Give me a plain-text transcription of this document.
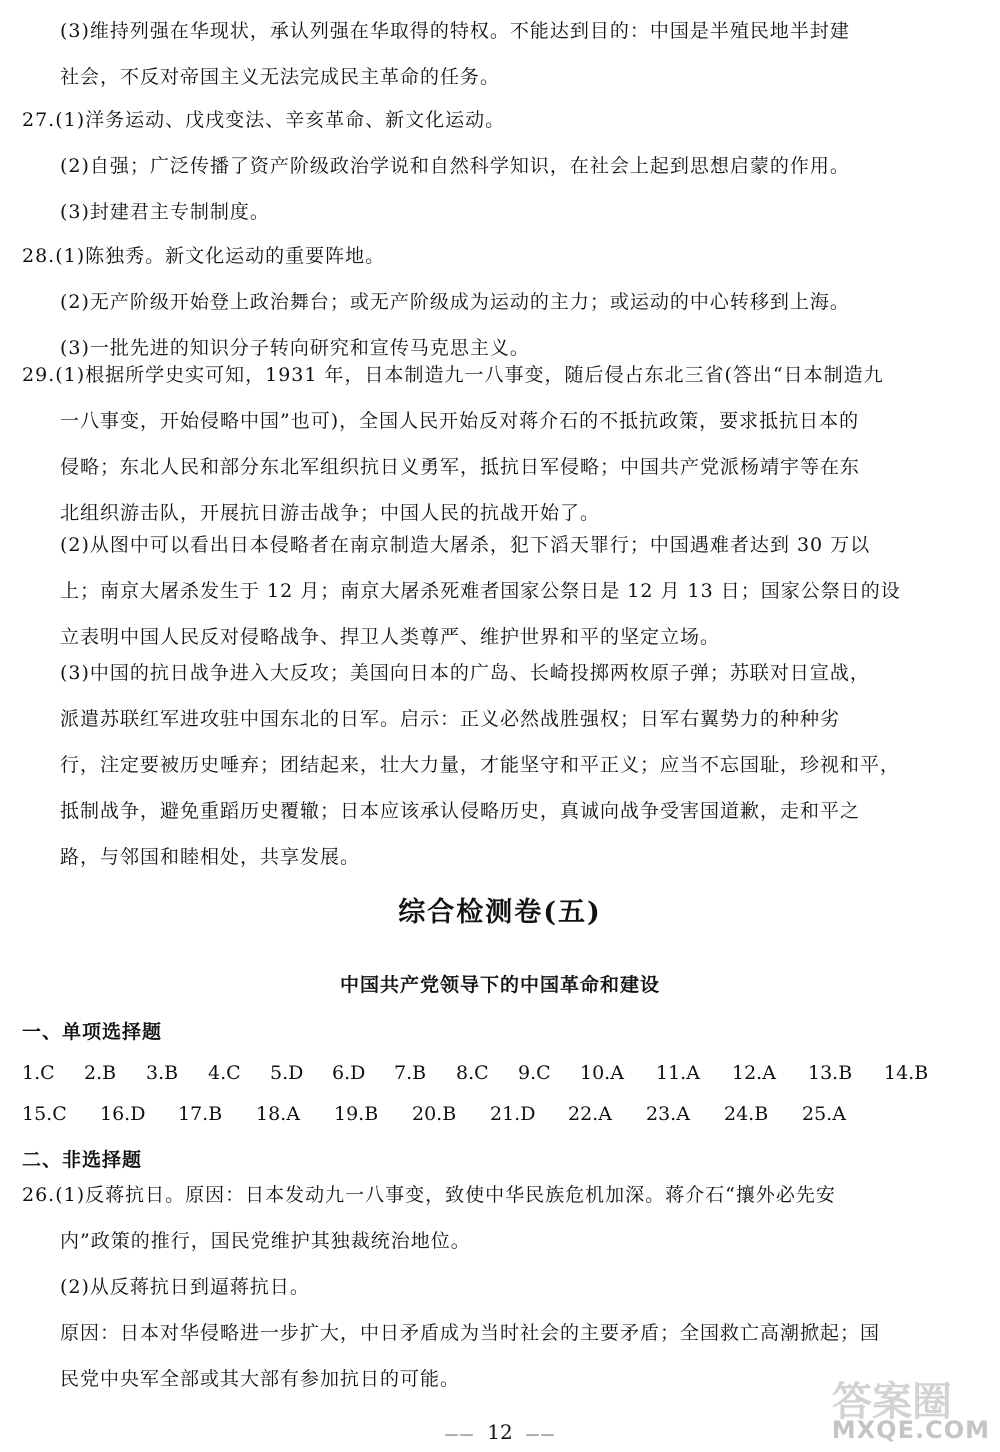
(3)维持列强在华现状，承认列强在华取得的特权。不能达到目的：中国是半殖民地半封建
社会，不反对帝国主义无法完成民主革命的任务。
27.(1)洋务运动、戊戌变法、辛亥革命、新文化运动。
(2)自强；广泛传播了资产阶级政治学说和自然科学知识，在社会上起到思想启蒙的作用。
(3)封建君主专制制度。
28.(1)陈独秀。新文化运动的重要阵地。
(2)无产阶级开始登上政治舞台；或无产阶级成为运动的主力；或运动的中心转移到上海。
(3)一批先进的知识分子转向研究和宣传马克思主义。
29.(1)根据所学史实可知，1931 年，日本制造九一八事变，随后侵占东北三省(答出“日本制造九
一八事变，开始侵略中国”也可)，全国人民开始反对蒋介石的不抵抗政策，要求抵抗日本的
侵略；东北人民和部分东北军组织抗日义勇军，抵抗日军侵略；中国共产党派杨靖宇等在东
北组织游击队，开展抗日游击战争；中国人民的抗战开始了。
(2)从图中可以看出日本侵略者在南京制造大屠杀，犯下滔天罪行；中国遇难者达到 30 万以
上；南京大屠杀发生于 12 月；南京大屠杀死难者国家公祭日是 12 月 13 日；国家公祭日的设
立表明中国人民反对侵略战争、捍卫人类尊严、维护世界和平的坚定立场。
(3)中国的抗日战争进入大反攻；美国向日本的广岛、长崎投掷两枚原子弹；苏联对日宣战，
派遣苏联红军进攻驻中国东北的日军。启示：正义必然战胜强权；日军右翼势力的种种劣
行，注定要被历史唾弃；团结起来，壮大力量，才能坚守和平正义；应当不忘国耻，珍视和平，
抵制战争，避免重蹈历史覆辙；日本应该承认侵略历史，真诚向战争受害国道歉，走和平之
路，与邻国和睦相处，共享发展。
综合检测卷(五)
中国共产党领导下的中国革命和建设
一、单项选择题
1.C 2.B 3.B 4.C 5.D 6.D 7.B 8.C 9.C 10.A 11.A 12.A 13.B 14.B
15.C 16.D 17.B 18.A 19.B 20.B 21.D 22.A 23.A 24.B 25.A
二、非选择题
26.(1)反蒋抗日。原因：日本发动九一八事变，致使中华民族危机加深。蒋介石“攘外必先安
内”政策的推行，国民党维护其独裁统治地位。
(2)从反蒋抗日到逼蒋抗日。
原因：日本对华侵略进一步扩大，中日矛盾成为当时社会的主要矛盾；全国救亡高潮掀起；国
民党中央军全部或其大部有参加抗日的可能。
—— 12 ——
答案圈
MXQE.COM
